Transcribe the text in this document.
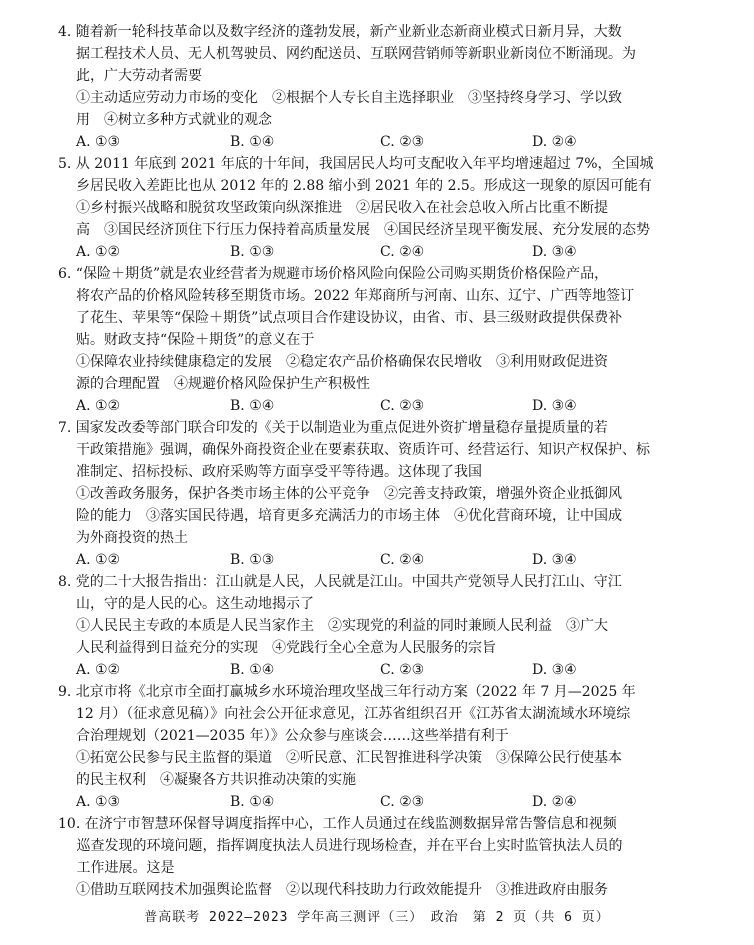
4. 随着新一轮科技革命以及数字经济的蓬勃发展，新产业新业态新商业模式日新月异，大数
据工程技术人员、无人机驾驶员、网约配送员、互联网营销师等新职业新岗位不断涌现。为
此，广大劳动者需要
①主动适应劳动力市场的变化　②根据个人专长自主选择职业　③坚持终身学习、学以致
用　④树立多种方式就业的观念
A. ①③	B. ①④	C. ②③	D. ②④
5. 从 2011 年底到 2021 年底的十年间，我国居民人均可支配收入年平均增速超过 7%，全国城
乡居民收入差距比也从 2012 年的 2.88 缩小到 2021 年的 2.5。形成这一现象的原因可能有
①乡村振兴战略和脱贫攻坚政策向纵深推进　②居民收入在社会总收入所占比重不断提
高　③国民经济顶住下行压力保持着高质量发展　④国民经济呈现平衡发展、充分发展的态势
A. ①②	B. ①③	C. ②④	D. ③④
6. “保险＋期货”就是农业经营者为规避市场价格风险向保险公司购买期货价格保险产品，
将农产品的价格风险转移至期货市场。2022 年郑商所与河南、山东、辽宁、广西等地签订
了花生、苹果等“保险＋期货”试点项目合作建设协议，由省、市、县三级财政提供保费补
贴。财政支持“保险＋期货”的意义在于
①保障农业持续健康稳定的发展　②稳定农产品价格确保农民增收　③利用财政促进资
源的合理配置　④规避价格风险保护生产积极性
A. ①②	B. ①④	C. ②③	D. ③④
7. 国家发改委等部门联合印发的《关于以制造业为重点促进外资扩增量稳存量提质量的若
干政策措施》强调，确保外商投资企业在要素获取、资质许可、经营运行、知识产权保护、标
准制定、招标投标、政府采购等方面享受平等待遇。这体现了我国
①改善政务服务，保护各类市场主体的公平竞争　②完善支持政策，增强外资企业抵御风
险的能力　③落实国民待遇，培育更多充满活力的市场主体　④优化营商环境，让中国成
为外商投资的热土
A. ①②	B. ①③	C. ②④	D. ③④
8. 党的二十大报告指出：江山就是人民，人民就是江山。中国共产党领导人民打江山、守江
山，守的是人民的心。这生动地揭示了
①人民民主专政的本质是人民当家作主　②实现党的利益的同时兼顾人民利益　③广大
人民利益得到日益充分的实现　④党践行全心全意为人民服务的宗旨
A. ①②	B. ①④	C. ②③	D. ③④
9. 北京市将《北京市全面打赢城乡水环境治理攻坚战三年行动方案（2022 年 7 月—2025 年
12 月）（征求意见稿）》向社会公开征求意见，江苏省组织召开《江苏省太湖流域水环境综
合治理规划（2021—2035 年）》公众参与座谈会……这些举措有利于
①拓宽公民参与民主监督的渠道　②听民意、汇民智推进科学决策　③保障公民行使基本
的民主权利　④凝聚各方共识推动决策的实施
A. ①③	B. ①④	C. ②③	D. ②④
10. 在济宁市智慧环保督导调度指挥中心，工作人员通过在线监测数据异常告警信息和视频
　 巡查发现的环境问题，指挥调度执法人员进行现场检查，并在平台上实时监管执法人员的
　 工作进展。这是
①借助互联网技术加强舆论监督　②以现代科技助力行政效能提升　③推进政府由服务
普高联考 2022—2023 学年高三测评（三）　政治　第 2 页（共 6 页）
